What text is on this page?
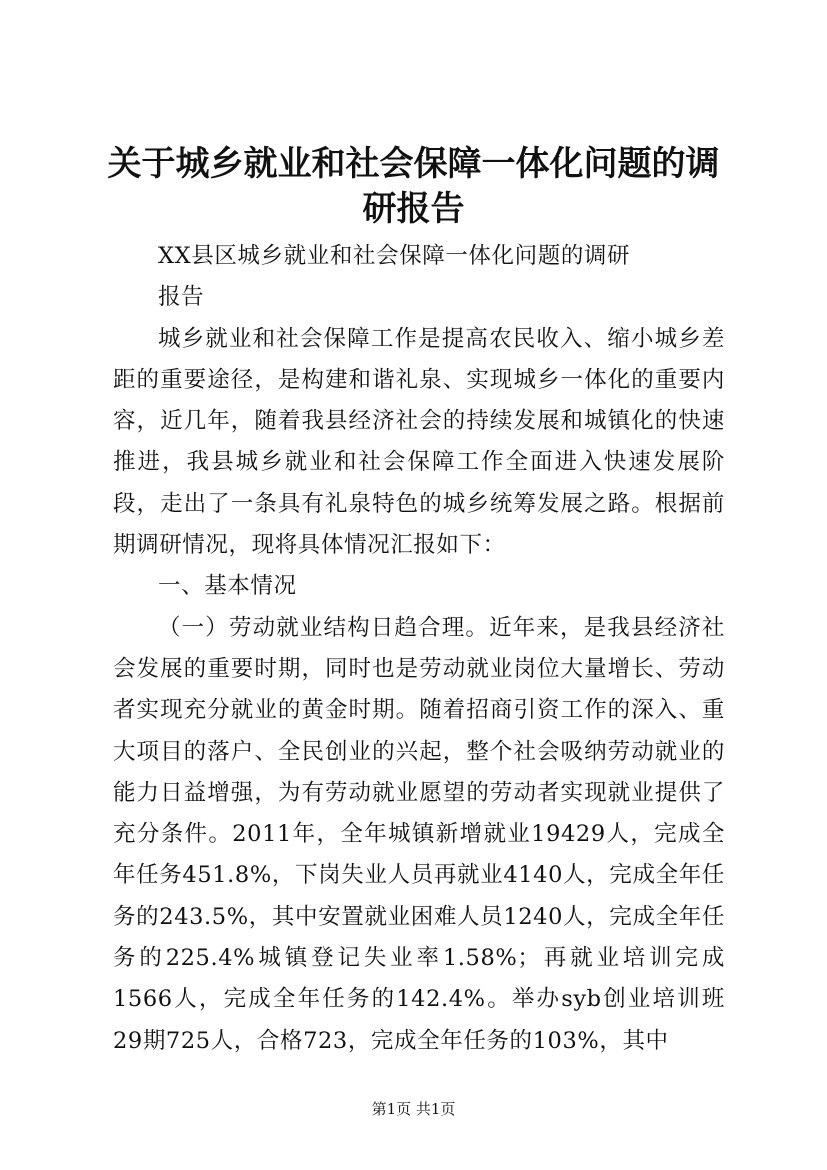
关于城乡就业和社会保障一体化问题的调研报告

XX县区城乡就业和社会保障一体化问题的调研

报告

城乡就业和社会保障工作是提高农民收入、缩小城乡差距的重要途径，是构建和谐礼泉、实现城乡一体化的重要内容，近几年，随着我县经济社会的持续发展和城镇化的快速推进，我县城乡就业和社会保障工作全面进入快速发展阶段，走出了一条具有礼泉特色的城乡统筹发展之路。根据前期调研情况，现将具体情况汇报如下：

一、基本情况

（一）劳动就业结构日趋合理。近年来，是我县经济社会发展的重要时期，同时也是劳动就业岗位大量增长、劳动者实现充分就业的黄金时期。随着招商引资工作的深入、重大项目的落户、全民创业的兴起，整个社会吸纳劳动就业的能力日益增强，为有劳动就业愿望的劳动者实现就业提供了充分条件。2011年，全年城镇新增就业19429人，完成全年任务451.8%，下岗失业人员再就业4140人，完成全年任务的243.5%，其中安置就业困难人员1240人，完成全年任务的225.4%城镇登记失业率1.58%；再就业培训完成1566人，完成全年任务的142.4%。举办syb创业培训班29期725人，合格723，完成全年任务的103%，其中

第1页 共1页
